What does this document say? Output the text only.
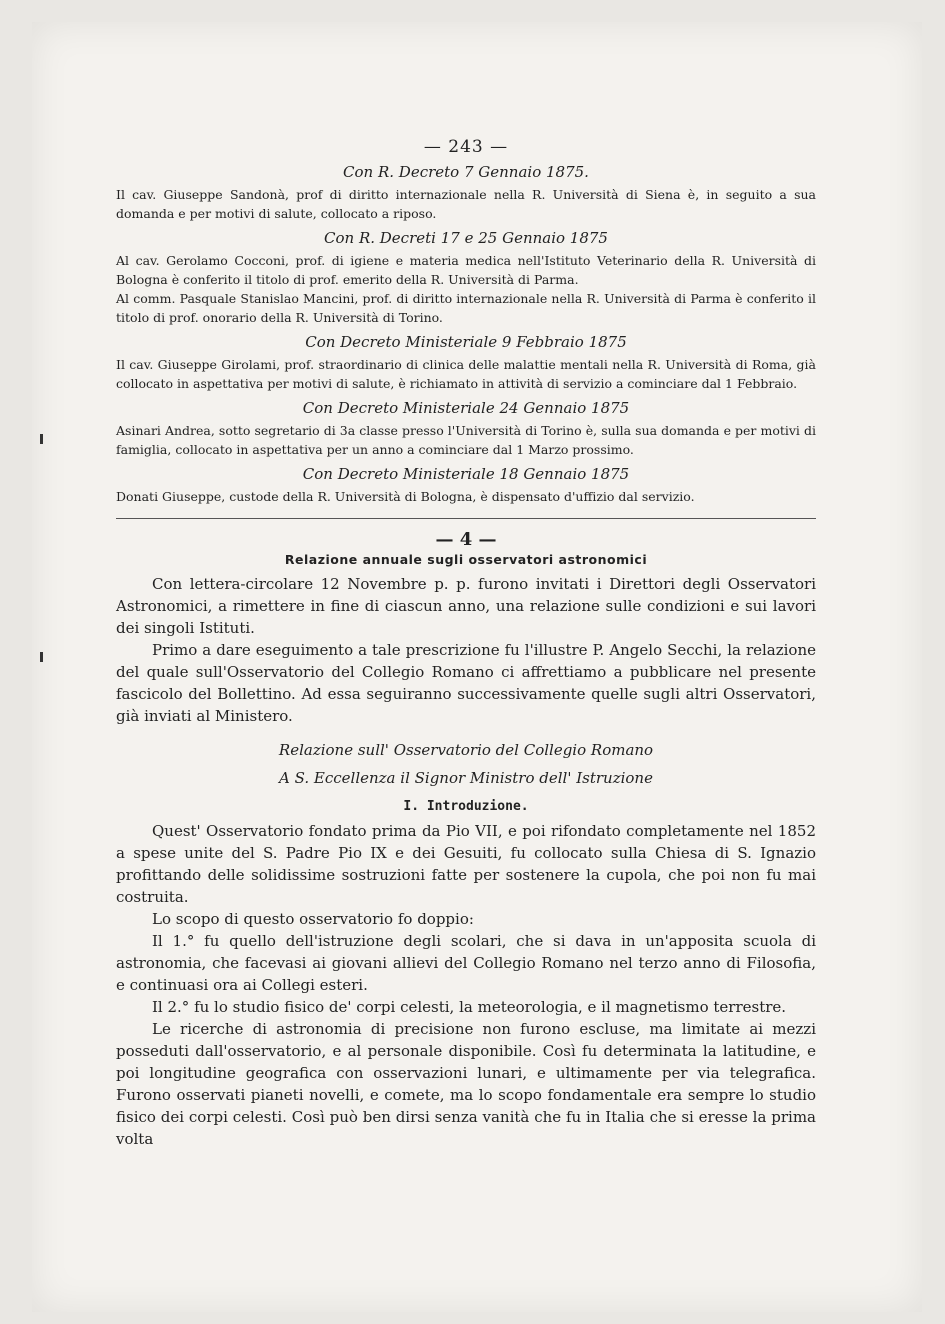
— 243 —
Con R. Decreto 7 Gennaio 1875.

Il cav. Giuseppe Sandonà, prof di diritto internazionale nella R. Università di Siena è, in seguito a sua domanda e per motivi di salute, collocato a riposo.

Con R. Decreti 17 e 25 Gennaio 1875

Al cav. Gerolamo Cocconi, prof. di igiene e materia medica nell'Istituto Veterinario della R. Università di Bologna è conferito il titolo di prof. emerito della R. Università di Parma.

Al comm. Pasquale Stanislao Mancini, prof. di diritto internazionale nella R. Università di Parma è conferito il titolo di prof. onorario della R. Università di Torino.

Con Decreto Ministeriale 9 Febbraio 1875

Il cav. Giuseppe Girolami, prof. straordinario di clinica delle malattie mentali nella R. Università di Roma, già collocato in aspettativa per motivi di salute, è richiamato in attività di servizio a cominciare dal 1 Febbraio.

Con Decreto Ministeriale 24 Gennaio 1875

Asinari Andrea, sotto segretario di 3a classe presso l'Università di Torino è, sulla sua domanda e per motivi di famiglia, collocato in aspettativa per un anno a cominciare dal 1 Marzo prossimo.

Con Decreto Ministeriale 18 Gennaio 1875

Donati Giuseppe, custode della R. Università di Bologna, è dispensato d'uffizio dal servizio.

— 4 —
Relazione annuale sugli osservatori astronomici

Con lettera-circolare 12 Novembre p. p. furono invitati i Direttori degli Osservatori Astronomici, a rimettere in fine di ciascun anno, una relazione sulle condizioni e sui lavori dei singoli Istituti.

Primo a dare eseguimento a tale prescrizione fu l'illustre P. Angelo Secchi, la relazione del quale sull'Osservatorio del Collegio Romano ci affrettiamo a pubblicare nel presente fascicolo del Bollettino. Ad essa seguiranno successivamente quelle sugli altri Osservatori, già inviati al Ministero.

Relazione sull' Osservatorio del Collegio Romano
A S. Eccellenza il Signor Ministro dell' Istruzione
I. Introduzione.

Quest' Osservatorio fondato prima da Pio VII, e poi rifondato completamente nel 1852 a spese unite del S. Padre Pio IX e dei Gesuiti, fu collocato sulla Chiesa di S. Ignazio profittando delle solidissime sostruzioni fatte per sostenere la cupola, che poi non fu mai costruita.

Lo scopo di questo osservatorio fo doppio:

Il 1.° fu quello dell'istruzione degli scolari, che si dava in un'apposita scuola di astronomia, che facevasi ai giovani allievi del Collegio Romano nel terzo anno di Filosofia, e continuasi ora ai Collegi esteri.

Il 2.° fu lo studio fisico de' corpi celesti, la meteorologia, e il magnetismo terrestre.

Le ricerche di astronomia di precisione non furono escluse, ma limitate ai mezzi posseduti dall'osservatorio, e al personale disponibile. Così fu determinata la latitudine, e poi longitudine geografica con osservazioni lunari, e ultimamente per via telegrafica. Furono osservati pianeti novelli, e comete, ma lo scopo fondamentale era sempre lo studio fisico dei corpi celesti. Così può ben dirsi senza vanità che fu in Italia che si eresse la prima volta
